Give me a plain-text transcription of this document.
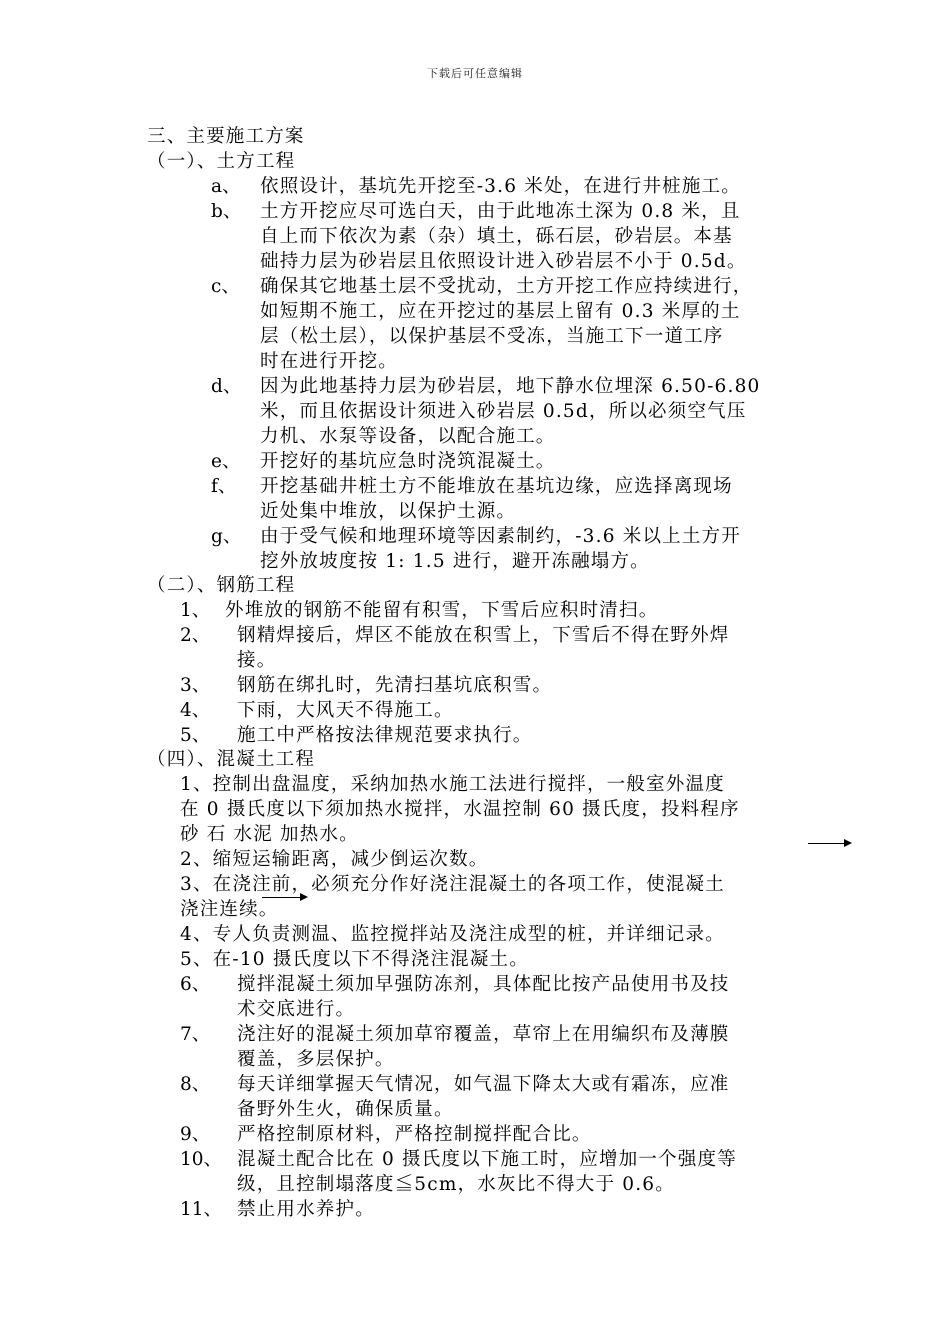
下载后可任意编辑
三、主要施工方案
（一）、土方工程
a、 依照设计，基坑先开挖至-3.6 米处，在进行井桩施工。
b、 土方开挖应尽可选白天，由于此地冻土深为 0.8 米，且
自上而下依次为素（杂）填土，砾石层，砂岩层。本基
础持力层为砂岩层且依照设计进入砂岩层不小于 0.5d。
c、 确保其它地基土层不受扰动，土方开挖工作应持续进行，
如短期不施工，应在开挖过的基层上留有 0.3 米厚的土
层（松土层），以保护基层不受冻，当施工下一道工序
时在进行开挖。
d、 因为此地基持力层为砂岩层，地下静水位埋深 6.50-6.80
米，而且依据设计须进入砂岩层 0.5d，所以必须空气压
力机、水泵等设备，以配合施工。
e、 开挖好的基坑应急时浇筑混凝土。
f、 开挖基础井桩土方不能堆放在基坑边缘，应选择离现场
近处集中堆放，以保护土源。
g、 由于受气候和地理环境等因素制约，-3.6 米以上土方开
挖外放坡度按 1: 1.5 进行，避开冻融塌方。
（二）、钢筋工程
1、 外堆放的钢筋不能留有积雪，下雪后应积时清扫。
2、 钢精焊接后，焊区不能放在积雪上，下雪后不得在野外焊
接。
3、 钢筋在绑扎时，先清扫基坑底积雪。
4、 下雨，大风天不得施工。
5、 施工中严格按法律规范要求执行。
（四）、混凝土工程
1、控制出盘温度，采纳加热水施工法进行搅拌，一般室外温度
在 0 摄氏度以下须加热水搅拌，水温控制 60 摄氏度，投料程序
砂 石 水泥 加热水。
2、缩短运输距离，减少倒运次数。
3、在浇注前，必须充分作好浇注混凝土的各项工作，使混凝土
浇注连续。
4、专人负责测温、监控搅拌站及浇注成型的桩，并详细记录。
5、在-10 摄氏度以下不得浇注混凝土。
6、 搅拌混凝土须加早强防冻剂，具体配比按产品使用书及技
术交底进行。
7、 浇注好的混凝土须加草帘覆盖，草帘上在用编织布及薄膜
覆盖，多层保护。
8、 每天详细掌握天气情况，如气温下降太大或有霜冻，应准
备野外生火，确保质量。
9、 严格控制原材料，严格控制搅拌配合比。
10、 混凝土配合比在 0 摄氏度以下施工时，应增加一个强度等
级，且控制塌落度≦5cm，水灰比不得大于 0.6。
11、 禁止用水养护。
